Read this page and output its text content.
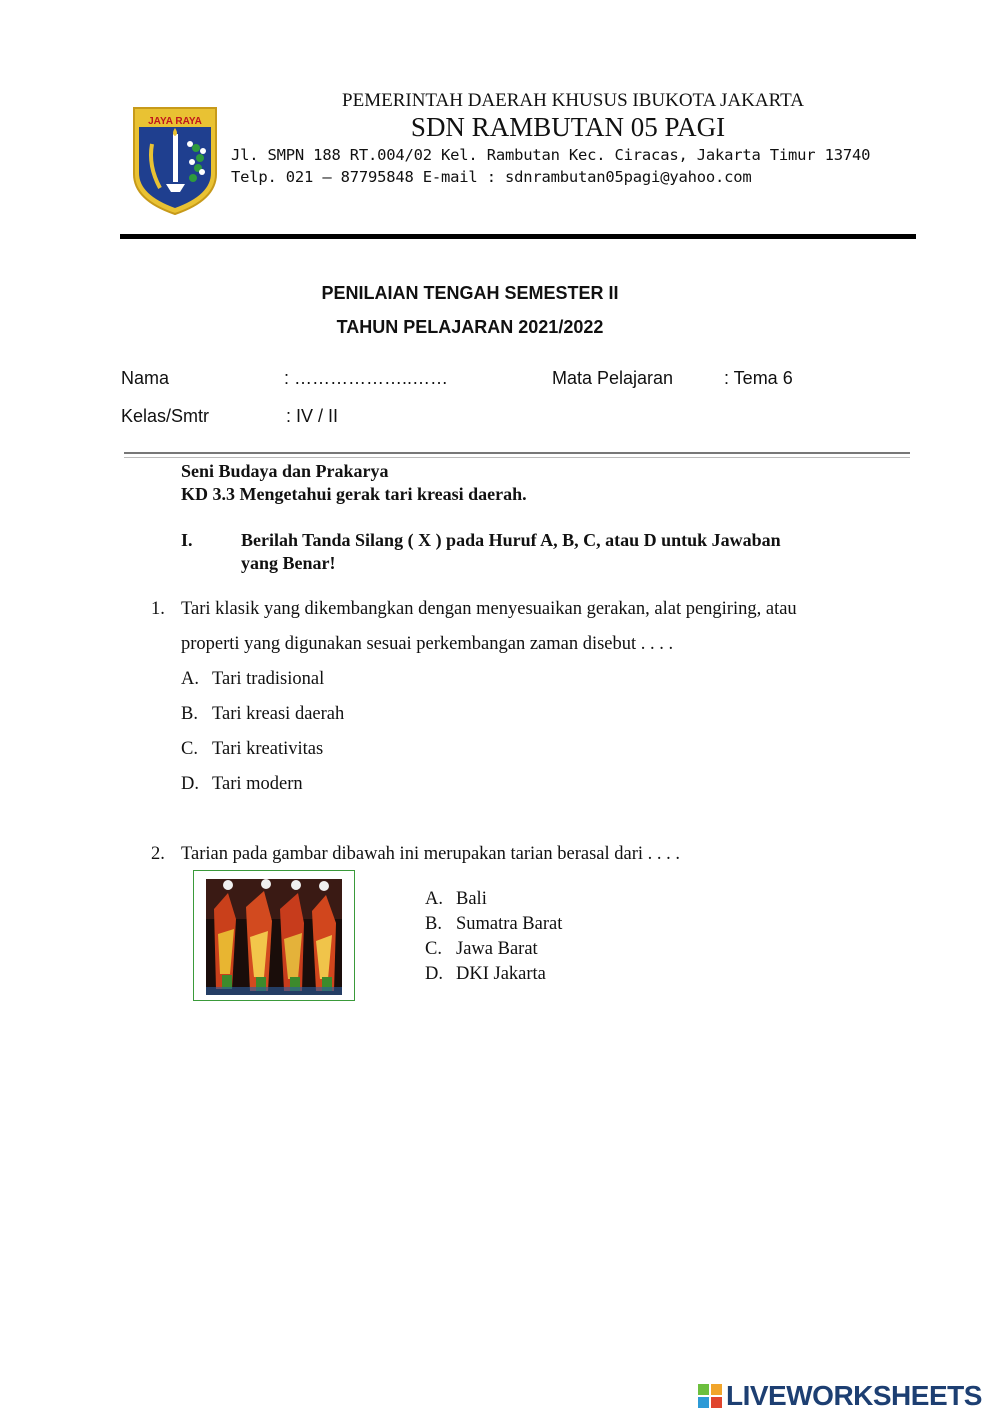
JAYA RAYA
PEMERINTAH DAERAH KHUSUS IBUKOTA JAKARTA
SDN RAMBUTAN 05 PAGI
Jl. SMPN 188 RT.004/02 Kel. Rambutan Kec. Ciracas, Jakarta Timur 13740
Telp. 021 – 87795848 E-mail : sdnrambutan05pagi@yahoo.com
PENILAIAN TENGAH SEMESTER II
TAHUN PELAJARAN 2021/2022
Nama	: ………………..……	Mata Pelajaran	: Tema 6
Kelas/Smtr	: IV / II
Seni Budaya dan Prakarya
KD 3.3 Mengetahui gerak tari kreasi daerah.
I.	Berilah Tanda Silang ( X ) pada Huruf A, B, C, atau D untuk Jawaban
yang Benar!
1. Tari klasik yang dikembangkan dengan menyesuaikan gerakan, alat pengiring, atau
properti yang digunakan sesuai perkembangan zaman disebut . . . .
A. Tari tradisional
B. Tari kreasi daerah
C. Tari kreativitas
D. Tari modern
2. Tarian pada gambar dibawah ini merupakan tarian berasal dari . . . .
A. Bali
B. Sumatra Barat
C. Jawa Barat
D. DKI Jakarta
LIVEWORKSHEETS
